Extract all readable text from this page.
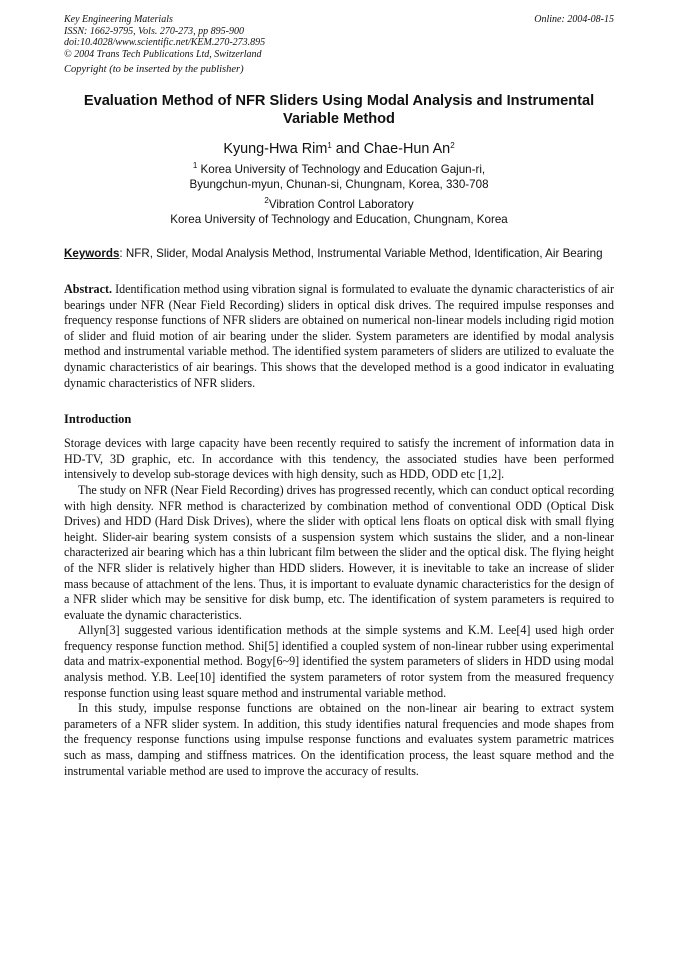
Online: 2004-08-15
Key Engineering Materials
ISSN: 1662-9795, Vols. 270-273, pp 895-900
doi:10.4028/www.scientific.net/KEM.270-273.895
© 2004 Trans Tech Publications Ltd, Switzerland
Copyright (to be inserted by the publisher)
Evaluation Method of NFR Sliders Using Modal Analysis and Instrumental Variable Method
Kyung-Hwa Rim$^1$ and Chae-Hun An$^2$
$^1$ Korea University of Technology and Education Gajun-ri,
Byungchun-myun, Chunan-si, Chungnam, Korea, 330-708
$^2$Vibration Control Laboratory
Korea University of Technology and Education, Chungnam, Korea
Keywords: NFR, Slider, Modal Analysis Method, Instrumental Variable Method, Identification, Air Bearing
Abstract. Identification method using vibration signal is formulated to evaluate the dynamic characteristics of air bearings under NFR (Near Field Recording) sliders in optical disk drives. The required impulse responses and frequency response functions of NFR sliders are obtained on numerical non-linear models including rigid motion of slider and fluid motion of air bearing under the slider. System parameters are identified by modal analysis method and instrumental variable method. The identified system parameters of sliders are utilized to evaluate the dynamic characteristics of air bearings. This shows that the developed method is a good indicator in evaluating dynamic characteristics of NFR sliders.
Introduction

Storage devices with large capacity have been recently required to satisfy the increment of information data in HD-TV, 3D graphic, etc. In accordance with this tendency, the associated studies have been performed intensively to develop sub-storage devices with high density, such as HDD, ODD etc [1,2].

The study on NFR (Near Field Recording) drives has progressed recently, which can conduct optical recording with high density. NFR method is characterized by combination method of conventional ODD (Optical Disk Drives) and HDD (Hard Disk Drives), where the slider with optical lens floats on optical disk with small flying height. Slider-air bearing system consists of a suspension system which sustains the slider, and a non-linear characterized air bearing which has a thin lubricant film between the slider and the optical disk. The flying height of the NFR slider is relatively higher than HDD sliders. However, it is inevitable to take an increase of slider mass because of attachment of the lens. Thus, it is important to evaluate dynamic characteristics for the design of a NFR slider which may be sensitive for disk bump, etc. The identification of system parameters is required to evaluate the dynamic characteristics.

Allyn[3] suggested various identification methods at the simple systems and K.M. Lee[4] used high order frequency response function method. Shi[5] identified a coupled system of non-linear rubber using experimental data and matrix-exponential method. Bogy[6~9] identified the system parameters of sliders in HDD using modal analysis method. Y.B. Lee[10] identified the system parameters of rotor system from the measured frequency response function using least square method and instrumental variable method.

In this study, impulse response functions are obtained on the non-linear air bearing to extract system parameters of a NFR slider system. In addition, this study identifies natural frequencies and mode shapes from the frequency response functions using impulse response functions and evaluates system parametric matrices such as mass, damping and stiffness matrices. On the identification process, the least square method and the instrumental variable method are used to improve the accuracy of results.
